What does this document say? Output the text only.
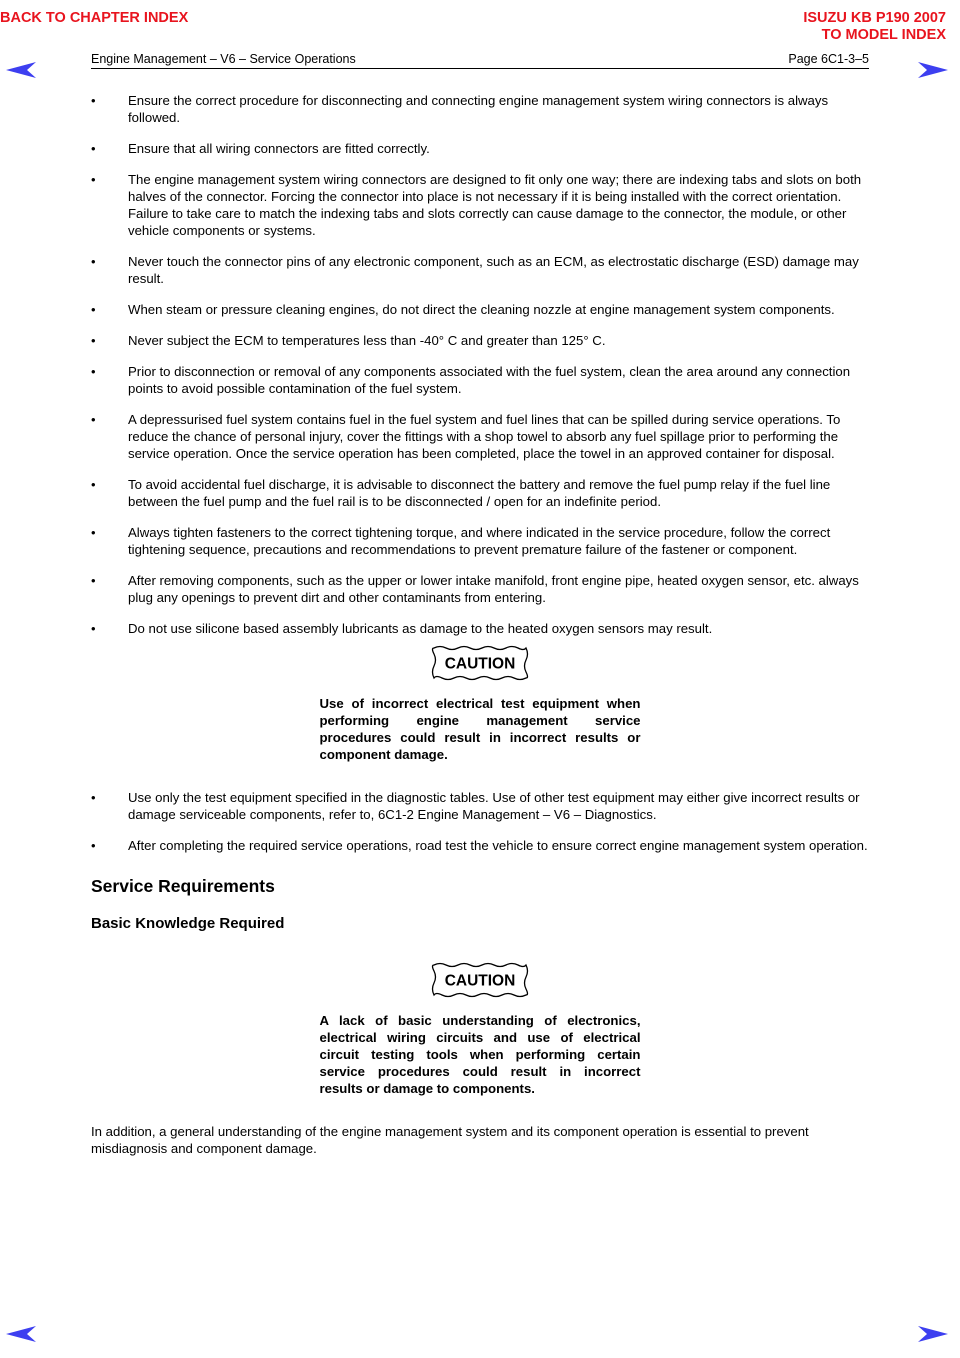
BACK TO CHAPTER INDEX	ISUZU KB P190 2007
TO MODEL INDEX
Engine Management – V6 – Service Operations	Page 6C1-3–5
• Ensure the correct procedure for disconnecting and connecting engine management system wiring connectors is always followed.
• Ensure that all wiring connectors are fitted correctly.
• The engine management system wiring connectors are designed to fit only one way; there are indexing tabs and slots on both halves of the connector. Forcing the connector into place is not necessary if it is being installed with the correct orientation. Failure to take care to match the indexing tabs and slots correctly can cause damage to the connector, the module, or other vehicle components or systems.
• Never touch the connector pins of any electronic component, such as an ECM, as electrostatic discharge (ESD) damage may result.
• When steam or pressure cleaning engines, do not direct the cleaning nozzle at engine management system components.
• Never subject the ECM to temperatures less than -40° C and greater than 125° C.
• Prior to disconnection or removal of any components associated with the fuel system, clean the area around any connection points to avoid possible contamination of the fuel system.
• A depressurised fuel system contains fuel in the fuel system and fuel lines that can be spilled during service operations. To reduce the chance of personal injury, cover the fittings with a shop towel to absorb any fuel spillage prior to performing the service operation. Once the service operation has been completed, place the towel in an approved container for disposal.
• To avoid accidental fuel discharge, it is advisable to disconnect the battery and remove the fuel pump relay if the fuel line between the fuel pump and the fuel rail is to be disconnected / open for an indefinite period.
• Always tighten fasteners to the correct tightening torque, and where indicated in the service procedure, follow the correct tightening sequence, precautions and recommendations to prevent premature failure of the fastener or component.
• After removing components, such as the upper or lower intake manifold, front engine pipe, heated oxygen sensor, etc. always plug any openings to prevent dirt and other contaminants from entering.
• Do not use silicone based assembly lubricants as damage to the heated oxygen sensors may result.
CAUTION
Use of incorrect electrical test equipment when performing engine management service procedures could result in incorrect results or component damage.
• Use only the test equipment specified in the diagnostic tables. Use of other test equipment may either give incorrect results or damage serviceable components, refer to, 6C1-2 Engine Management – V6 – Diagnostics.
• After completing the required service operations, road test the vehicle to ensure correct engine management system operation.
Service Requirements
Basic Knowledge Required
CAUTION
A lack of basic understanding of electronics, electrical wiring circuits and use of electrical circuit testing tools when performing certain service procedures could result in incorrect results or damage to components.

In addition, a general understanding of the engine management system and its component operation is essential to prevent misdiagnosis and component damage.
